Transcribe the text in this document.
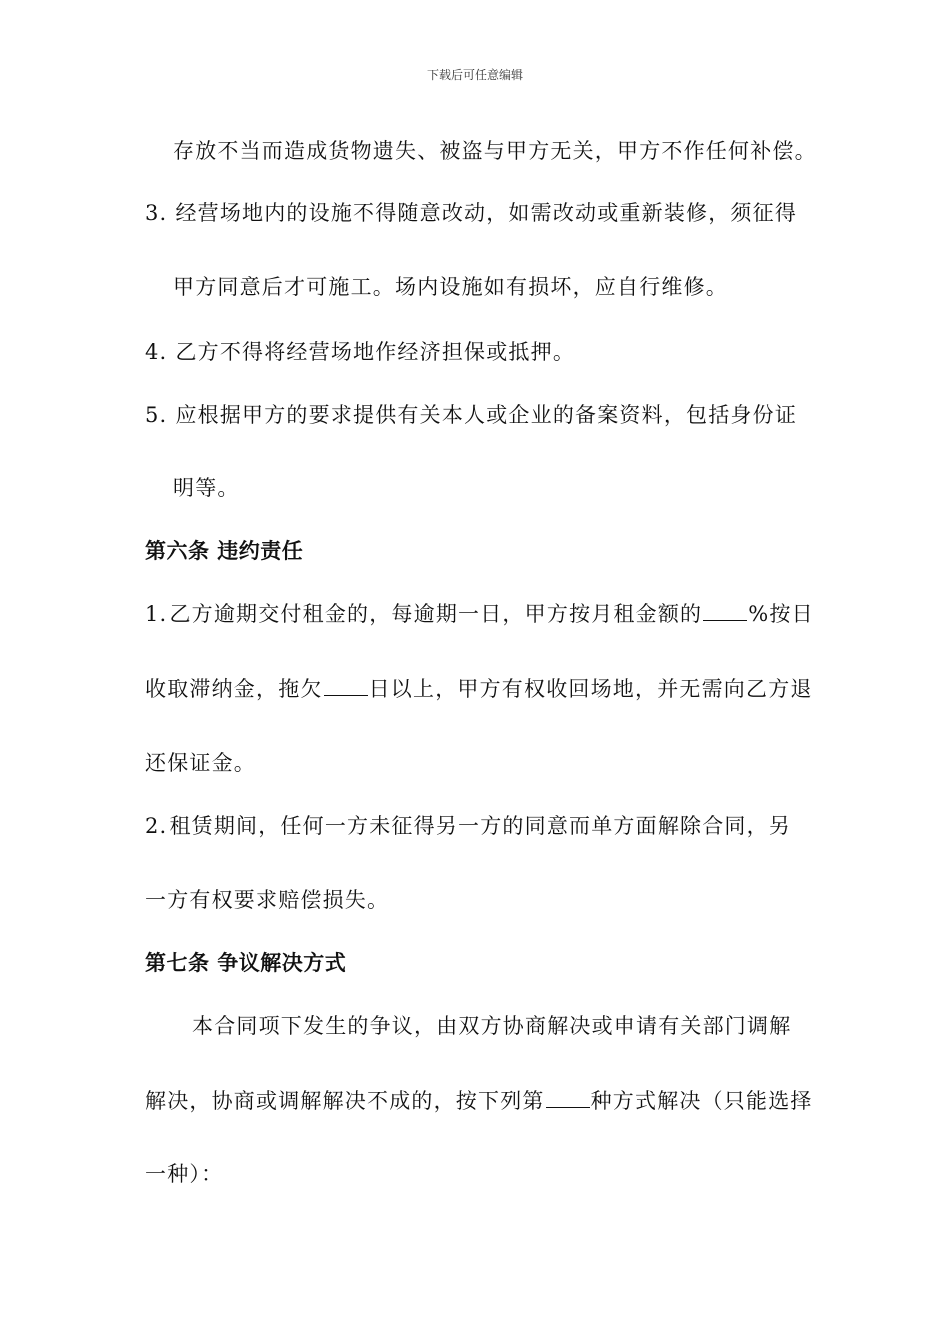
下载后可任意编辑
存放不当而造成货物遗失、被盗与甲方无关，甲方不作任何补偿。
3. 经营场地内的设施不得随意改动，如需改动或重新装修，须征得
甲方同意后才可施工。场内设施如有损坏，应自行维修。
4. 乙方不得将经营场地作经济担保或抵押。
5. 应根据甲方的要求提供有关本人或企业的备案资料，包括身份证
明等。
第六条 违约责任
1.乙方逾期交付租金的，每逾期一日，甲方按月租金额的 %按日
收取滞纳金，拖欠 日以上，甲方有权收回场地，并无需向乙方退
还保证金。
2.租赁期间，任何一方未征得另一方的同意而单方面解除合同，另
一方有权要求赔偿损失。
第七条 争议解决方式
本合同项下发生的争议，由双方协商解决或申请有关部门调解
解决，协商或调解解决不成的，按下列第 种方式解决（只能选择
一种）：
